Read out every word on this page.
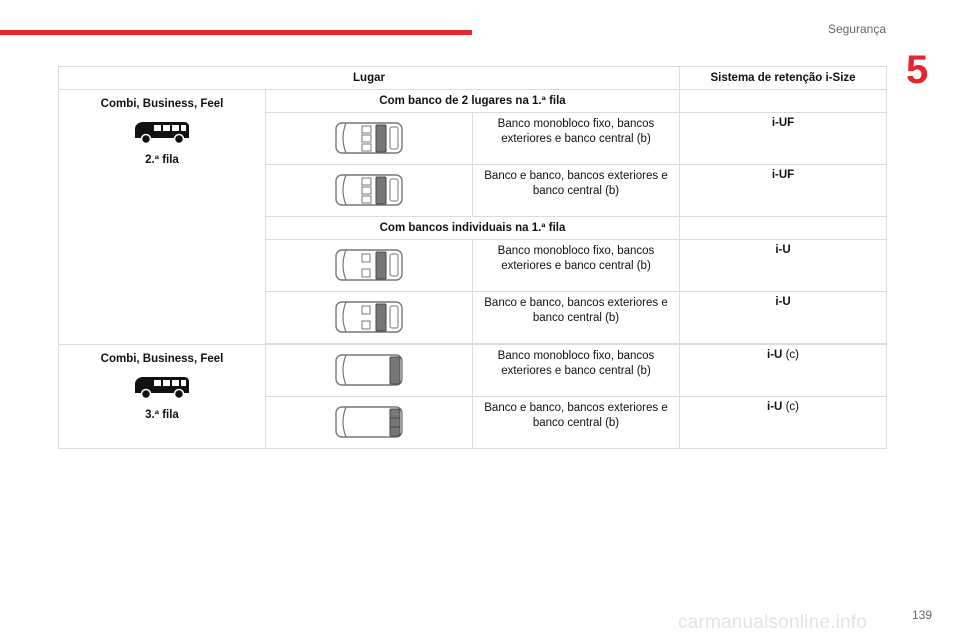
Segurança
5
Lugar			Sistema de retenção i-Size

Combi, Business, Feel
2.ª fila	Com banco de 2 lugares na 1.ª fila		

	Banco monobloco fixo, bancos exteriores e banco central (b)	i-UF

	Banco e banco, bancos exteriores e banco central (b)	i-UF
	Com bancos individuais na 1.ª fila		

	Banco monobloco fixo, bancos exteriores e banco central (b)	i-U

	Banco e banco, bancos exteriores e banco central (b)	i-U

Combi, Business, Feel
3.ª fila		Banco monobloco fixo, bancos exteriores e banco central (b)	i-U (c)

	Banco e banco, bancos exteriores e banco central (b)	i-U (c)
139
carmanualsonline.info
